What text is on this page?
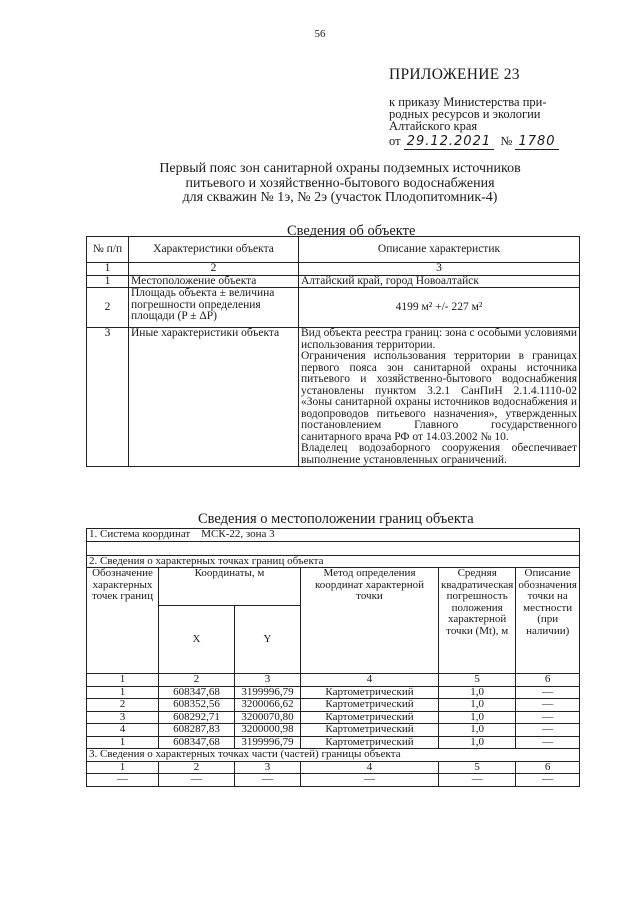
56
ПРИЛОЖЕНИЕ 23
к приказу Министерства при-
родных ресурсов и экологии
Алтайского края
от 29.12.2021 № 1780
Первый пояс зон санитарной охраны подземных источников
питьевого и хозяйственно-бытового водоснабжения
для скважин № 1э, № 2э (участок Плодопитомник-4)
Сведения об объекте
№ п/п	Характеристики объекта	Описание характеристик
1	2	3
1	Местоположение объекта	Алтайский край, город Новоалтайск
2	Площадь объекта ± величина погрешности определения площади (P ± ΔP)	4199 м² +/- 227 м²
3	Иные характеристики объекта	Вид объекта реестра границ: зона с особыми условиями использования территории.

Ограничения использования территории в границах первого пояса зон санитарной охраны источника питьевого и хозяйственно-бытового водоснабжения установлены пунктом 3.2.1 СанПиН 2.1.4.1110-02 «Зоны санитарной охраны источников водоснабжения и водопроводов питьевого назначения», утвержденных постановлением Главного государственного санитарного врача РФ от 14.03.2002 № 10.

Владелец водозаборного сооружения обеспечивает выполнение установленных ограничений.

Сведения о местоположении границ объекта
1. Система координат МСК-22, зона 3					

2. Сведения о характерных точках границ объекта					
Обозначение характерных точек границ	Координаты, м		Метод определения координат характерной точки	Средняя квадратическая погрешность положения характерной точки (Mt), м	Описание обозначения точки на местности (при наличии)
	X	Y			
1	2	3	4	5	6
1	608347,68	3199996,79	Картометрический	1,0	—
2	608352,56	3200066,62	Картометрический	1,0	—
3	608292,71	3200070,80	Картометрический	1,0	—
4	608287,83	3200000,98	Картометрический	1,0	—
1	608347,68	3199996,79	Картометрический	1,0	—
3. Сведения о характерных точках части (частей) границы объекта					
1	2	3	4	5	6
—	—	—	—	—	—
